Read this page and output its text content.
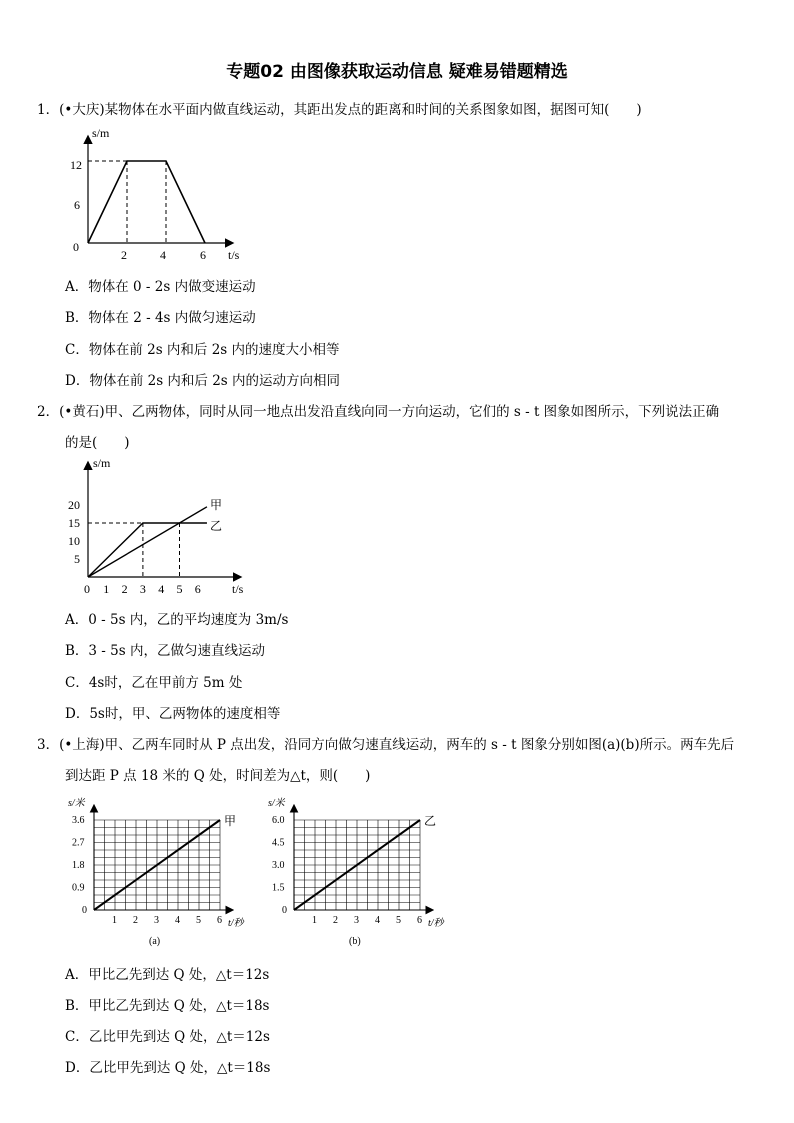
专题02 由图像获取运动信息 疑难易错题精选
1．(•大庆)某物体在水平面内做直线运动，其距出发点的距离和时间的关系图象如图，据图可知(　　)
s/m
t/s
0
12
6
2	4	6
A．物体在 0 - 2s 内做变速运动
B．物体在 2 - 4s 内做匀速运动
C．物体在前 2s 内和后 2s 内的速度大小相等
D．物体在前 2s 内和后 2s 内的运动方向相同
2．(•黄石)甲、乙两物体，同时从同一地点出发沿直线向同一方向运动，它们的 s - t 图象如图所示，下列说法正确
的是(　　)
s/m
t/s
0
5
10
15
20
1 2 3 4 5 6
甲
乙
A．0 - 5s 内，乙的平均速度为 3m/s
B．3 - 5s 内，乙做匀速直线运动
C．4s时，乙在甲前方 5m 处
D．5s时，甲、乙两物体的速度相等
3．(•上海)甲、乙两车同时从 P 点出发，沿同方向做匀速直线运动，两车的 s - t 图象分别如图(a)(b)所示。两车先后
到达距 P 点 18 米的 Q 处，时间差为△t，则(　　)
s/米
t/秒
0
0.9
1.8
2.7
3.6
1 2 3 4 5 6
甲
(a)
s/米
t/秒
0
1.5
3.0
4.5
6.0
1 2 3 4 5 6
乙
(b)
A．甲比乙先到达 Q 处，△t＝12s
B．甲比乙先到达 Q 处，△t＝18s
C．乙比甲先到达 Q 处，△t＝12s
D．乙比甲先到达 Q 处，△t＝18s
